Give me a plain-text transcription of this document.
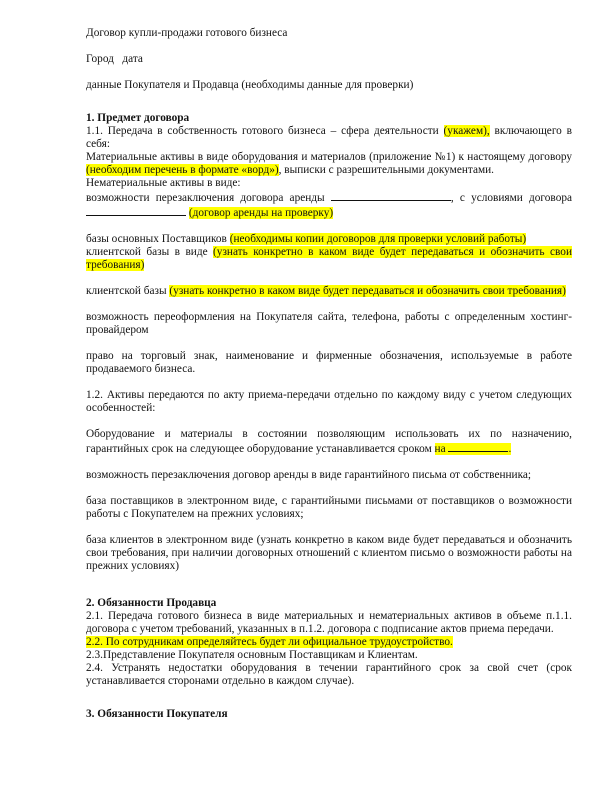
Договор купли-продажи готового бизнеса

Город   дата

данные Покупателя и Продавца (необходимы данные для проверки)

1. Предмет договора

1.1. Передача в собственность готового бизнеса – сфера деятельности (укажем), включающего в себя:

Материальные активы в виде оборудования и материалов (приложение №1) к настоящему договору (необходим перечень в формате «ворд»), выписки с разрешительными документами.

Нематериальные активы в виде:

возможности перезаключения договора аренды	, с условиями договора  (договор аренды на проверку)

базы основных Поставщиков (необходимы копии договоров для проверки условий работы)

клиентской базы в виде (узнать конкретно в каком виде будет передаваться и обозначить свои требования)

клиентской базы (узнать конкретно в каком виде будет передаваться и обозначить свои требования)

возможность переоформления на Покупателя сайта, телефона, работы с определенным хостинг-провайдером

право на торговый знак, наименование и фирменные обозначения, используемые в работе продаваемого бизнеса.

1.2. Активы передаются по акту приема-передачи отдельно по каждому виду с учетом следующих особенностей:

Оборудование и материалы в состоянии позволяющим использовать их по назначению, гарантийных срок на следующее оборудование устанавливается сроком на	.

возможность перезаключения договор аренды в виде гарантийного письма от собственника;

база поставщиков в электронном виде, с гарантийными письмами от поставщиков о возможности работы с Покупателем на прежних условиях;

база клиентов в электронном виде (узнать конкретно в каком виде будет передаваться и обозначить свои требования, при наличии договорных отношений с клиентом письмо о возможности работы на прежних условиях)

2. Обязанности Продавца

2.1. Передача готового бизнеса в виде материальных и нематериальных активов в объеме п.1.1. договора с учетом требований, указанных в п.1.2. договора с подписание актов приема передачи.

2.2. По сотрудникам определяйтесь будет ли официальное трудоустройство.

2.3.Представление Покупателя основным Поставщикам и Клиентам.

2.4. Устранять недостатки оборудования в течении гарантийного срок за свой счет (срок устанавливается сторонами отдельно в каждом случае).

3. Обязанности Покупателя
